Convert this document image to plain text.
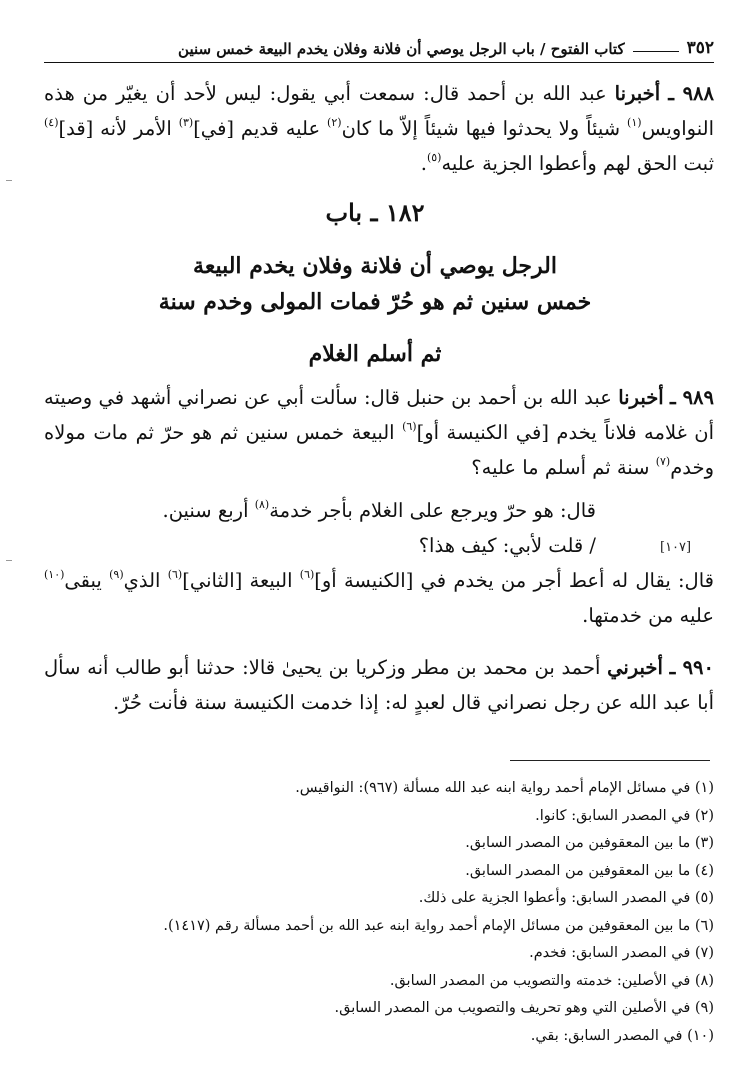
٣٥٢
كتاب الفتوح / باب الرجل يوصي أن فلانة وفلان يخدم البيعة خمس سنين

٩٨٨ ـ أخبرنا عبد الله بن أحمد قال: سمعت أبي يقول: ليس لأحد أن يغيّر من هذه النواويس$^{(١)}$ شيئاً ولا يحدثوا فيها شيئاً إلاّ ما كان$^{(٢)}$ عليه قديم [في]$^{(٣)}$ الأمر لأنه [قد]$^{(٤)}$ ثبت الحق لهم وأعطوا الجزية عليه$^{(٥)}$.

١٨٢ ـ باب

الرجل يوصي أن فلانة وفلان يخدم البيعة

خمس سنين ثم هو حُرّ فمات المولى وخدم سنة

ثم أسلم الغلام

٩٨٩ ـ أخبرنا عبد الله بن أحمد بن حنبل قال: سألت أبي عن نصراني أشهد في وصيته أن غلامه فلاناً يخدم [في الكنيسة أو]$^{(٦)}$ البيعة خمس سنين ثم هو حرّ ثم مات مولاه وخدم$^{(٧)}$ سنة ثم أسلم ما عليه؟

قال: هو حرّ ويرجع على الغلام بأجر خدمة$^{(٨)}$ أربع سنين.

/ قلت لأبي: كيف هذا؟

قال: يقال له أعط أجر من يخدم في [الكنيسة أو]$^{(٦)}$ البيعة [الثاني]$^{(٦)}$ الذي$^{(٩)}$ يبقى$^{(١٠)}$ عليه من خدمتها.

[١٠٧]

٩٩٠ ـ أخبرني أحمد بن محمد بن مطر وزكريا بن يحيىٰ قالا: حدثنا أبو طالب أنه سأل أبا عبد الله عن رجل نصراني قال لعبدٍ له: إذا خدمت الكنيسة سنة فأنت حُرّ.

(١) في مسائل الإمام أحمد رواية ابنه عبد الله مسألة (٩٦٧): النواقيس.
(٢) في المصدر السابق: كانوا.
(٣) ما بين المعقوفين من المصدر السابق.
(٤) ما بين المعقوفين من المصدر السابق.
(٥) في المصدر السابق: وأعطوا الجزية على ذلك.
(٦) ما بين المعقوفين من مسائل الإمام أحمد رواية ابنه عبد الله بن أحمد مسألة رقم (١٤١٧).
(٧) في المصدر السابق: فخدم.
(٨) في الأصلين: خدمته والتصويب من المصدر السابق.
(٩) في الأصلين التي وهو تحريف والتصويب من المصدر السابق.
(١٠) في المصدر السابق: بقي.
